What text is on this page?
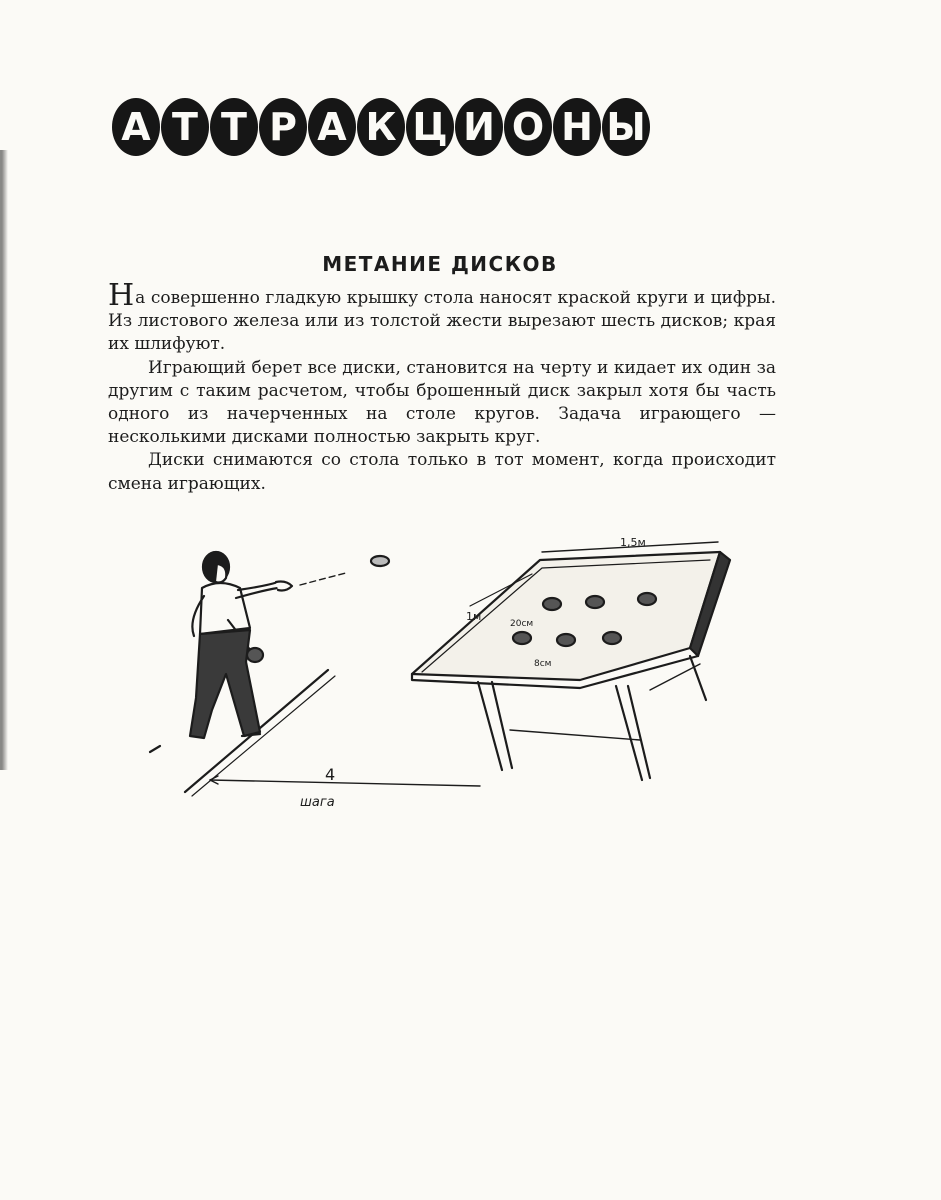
А Т Т Р А К Ц И О Н Ы
МЕТАНИЕ ДИСКОВ

На совершенно гладкую крышку стола наносят краской круги и цифры. Из листового железа или из толстой жести вырезают шесть дисков; края их шлифуют.

Играющий берет все диски, становится на черту и кидает их один за другим с таким расчетом, чтобы брошенный диск закрыл хотя бы часть одного из начерченных на столе кругов. Задача играющего — несколькими дисками полностью закрыть круг.

Диски снимаются со стола только в тот момент, когда происходит смена играющих.

1,5м
1м
20см
8см
4
шага
